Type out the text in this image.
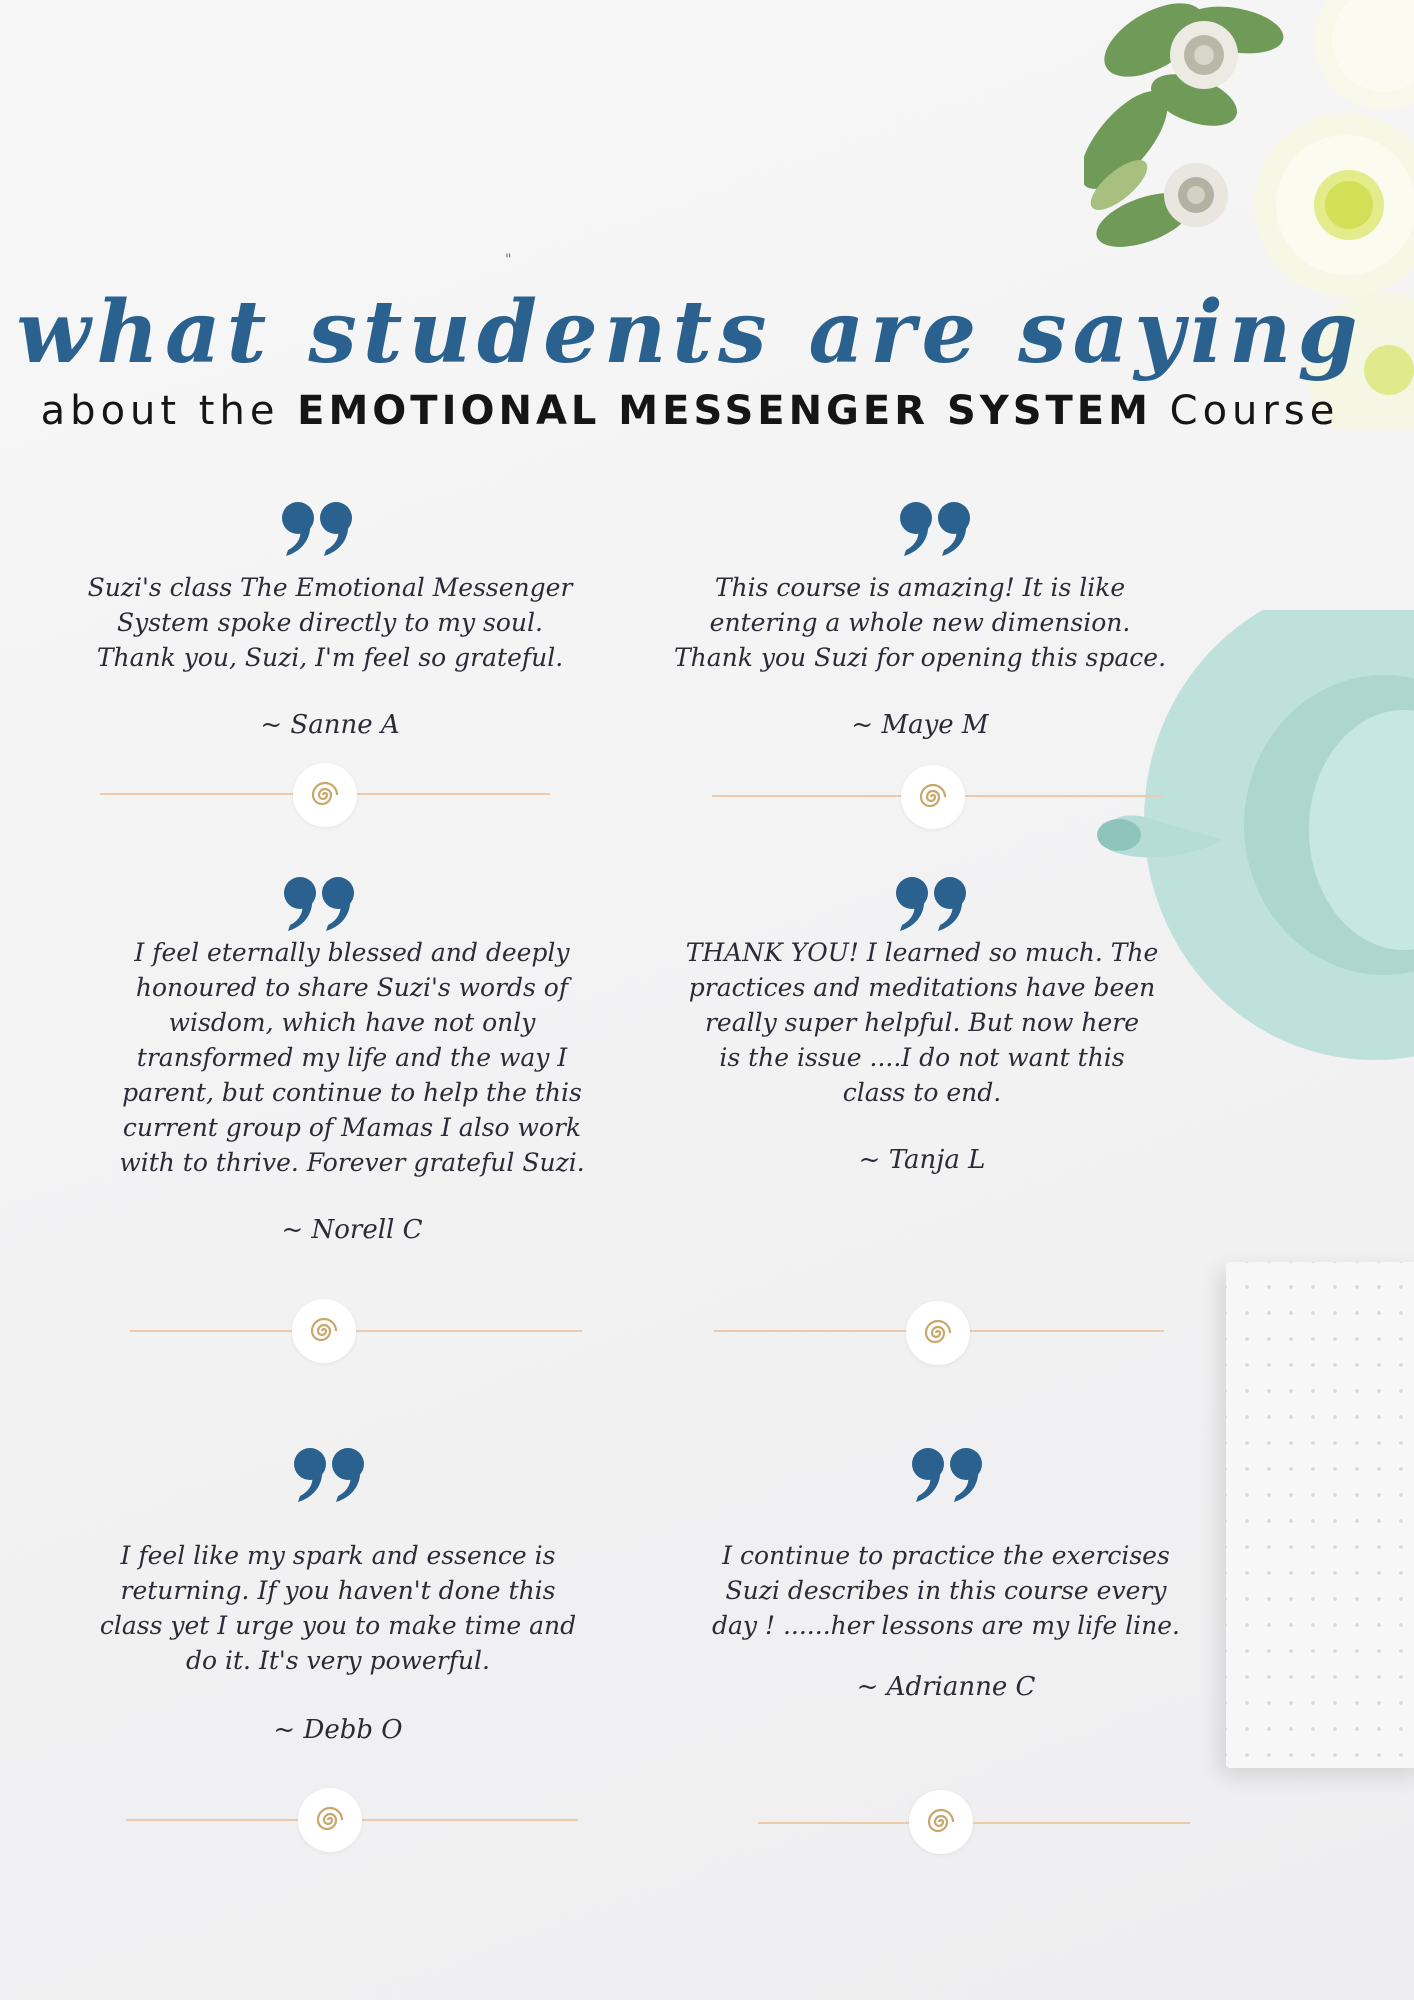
"
what students are saying
about the EMOTIONAL MESSENGER SYSTEM Course
Suzi's class The Emotional Messenger
System spoke directly to my soul.
Thank you, Suzi, I'm feel so grateful.
~ Sanne A
This course is amazing! It is like
entering a whole new dimension.
Thank you Suzi for opening this space.
~ Maye M
I feel eternally blessed and deeply
honoured to share Suzi's words of
wisdom, which have not only
transformed my life and the way I
parent, but continue to help the this
current group of Mamas I also work
with to thrive. Forever grateful Suzi.
~ Norell C
THANK YOU! I learned so much. The
practices and meditations have been
really super helpful. But now here
is the issue ....I do not want this
class to end.
~ Tanja L
I feel like my spark and essence is
returning. If you haven't done this
class yet I urge you to make time and
do it. It's very powerful.
~ Debb O
I continue to practice the exercises
Suzi describes in this course every
day ! ......her lessons are my life line.
~ Adrianne C
